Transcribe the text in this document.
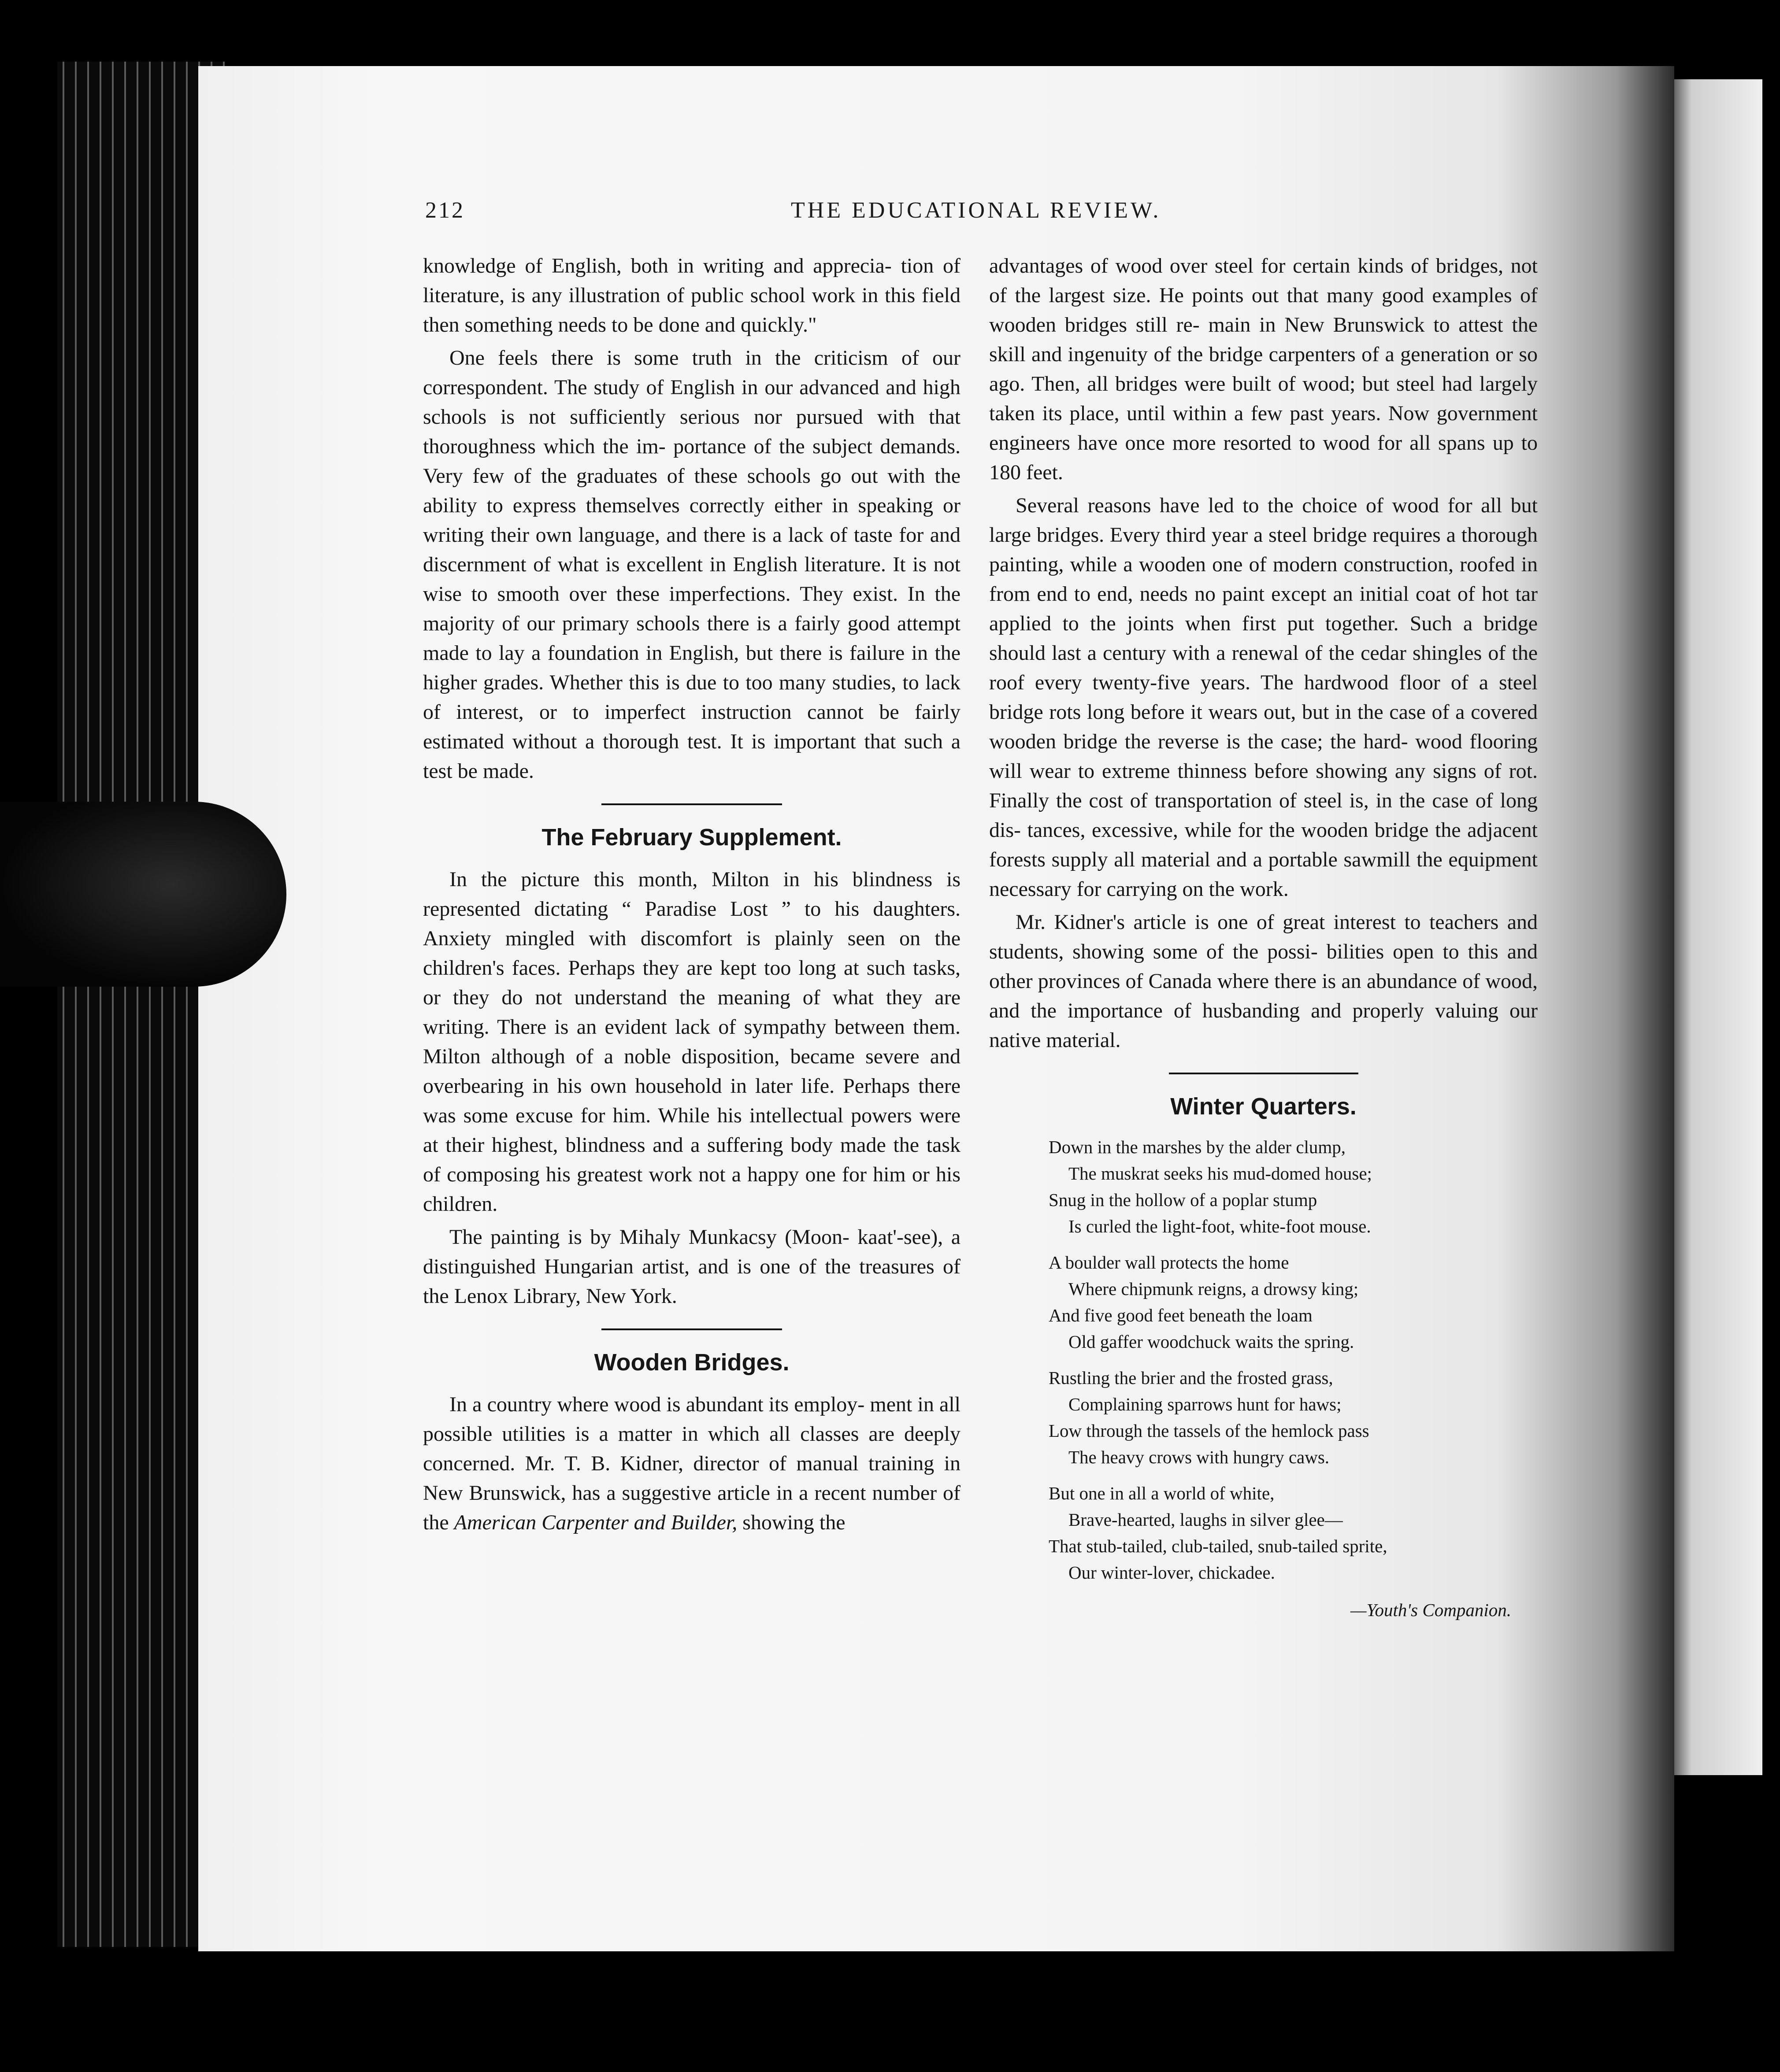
212	THE EDUCATIONAL REVIEW.

knowledge of English, both in writing and apprecia- tion of literature, is any illustration of public school work in this field then something needs to be done and quickly."

One feels there is some truth in the criticism of our correspondent. The study of English in our advanced and high schools is not sufficiently serious nor pursued with that thoroughness which the im- portance of the subject demands. Very few of the graduates of these schools go out with the ability to express themselves correctly either in speaking or writing their own language, and there is a lack of taste for and discernment of what is excellent in English literature. It is not wise to smooth over these imperfections. They exist. In the majority of our primary schools there is a fairly good attempt made to lay a foundation in English, but there is failure in the higher grades. Whether this is due to too many studies, to lack of interest, or to imperfect instruction cannot be fairly estimated without a thorough test. It is important that such a test be made.

The February Supplement.

In the picture this month, Milton in his blindness is represented dictating “ Paradise Lost ” to his daughters. Anxiety mingled with discomfort is plainly seen on the children's faces. Perhaps they are kept too long at such tasks, or they do not understand the meaning of what they are writing. There is an evident lack of sympathy between them. Milton although of a noble disposition, became severe and overbearing in his own household in later life. Perhaps there was some excuse for him. While his intellectual powers were at their highest, blindness and a suffering body made the task of composing his greatest work not a happy one for him or his children.

The painting is by Mihaly Munkacsy (Moon- kaat'-see), a distinguished Hungarian artist, and is one of the treasures of the Lenox Library, New York.

Wooden Bridges.

In a country where wood is abundant its employ- ment in all possible utilities is a matter in which all classes are deeply concerned. Mr. T. B. Kidner, director of manual training in New Brunswick, has a suggestive article in a recent number of the American Carpenter and Builder, showing the

advantages of wood over steel for certain kinds of bridges, not of the largest size. He points out that many good examples of wooden bridges still re- main in New Brunswick to attest the skill and ingenuity of the bridge carpenters of a generation or so ago. Then, all bridges were built of wood; but steel had largely taken its place, until within a few past years. Now government engineers have once more resorted to wood for all spans up to 180 feet.

Several reasons have led to the choice of wood for all but large bridges. Every third year a steel bridge requires a thorough painting, while a wooden one of modern construction, roofed in from end to end, needs no paint except an initial coat of hot tar applied to the joints when first put together. Such a bridge should last a century with a renewal of the cedar shingles of the roof every twenty-five years. The hardwood floor of a steel bridge rots long before it wears out, but in the case of a covered wooden bridge the reverse is the case; the hard- wood flooring will wear to extreme thinness before showing any signs of rot. Finally the cost of transportation of steel is, in the case of long dis- tances, excessive, while for the wooden bridge the adjacent forests supply all material and a portable sawmill the equipment necessary for carrying on the work.

Mr. Kidner's article is one of great interest to teachers and students, showing some of the possi- bilities open to this and other provinces of Canada where there is an abundance of wood, and the importance of husbanding and properly valuing our native material.

Winter Quarters.
Down in the marshes by the alder clump,
The muskrat seeks his mud-domed house;
Snug in the hollow of a poplar stump
Is curled the light-foot, white-foot mouse.
A boulder wall protects the home
Where chipmunk reigns, a drowsy king;
And five good feet beneath the loam
Old gaffer woodchuck waits the spring.
Rustling the brier and the frosted grass,
Complaining sparrows hunt for haws;
Low through the tassels of the hemlock pass
The heavy crows with hungry caws.
But one in all a world of white,
Brave-hearted, laughs in silver glee—
That stub-tailed, club-tailed, snub-tailed sprite,
Our winter-lover, chickadee.
—Youth's Companion.
